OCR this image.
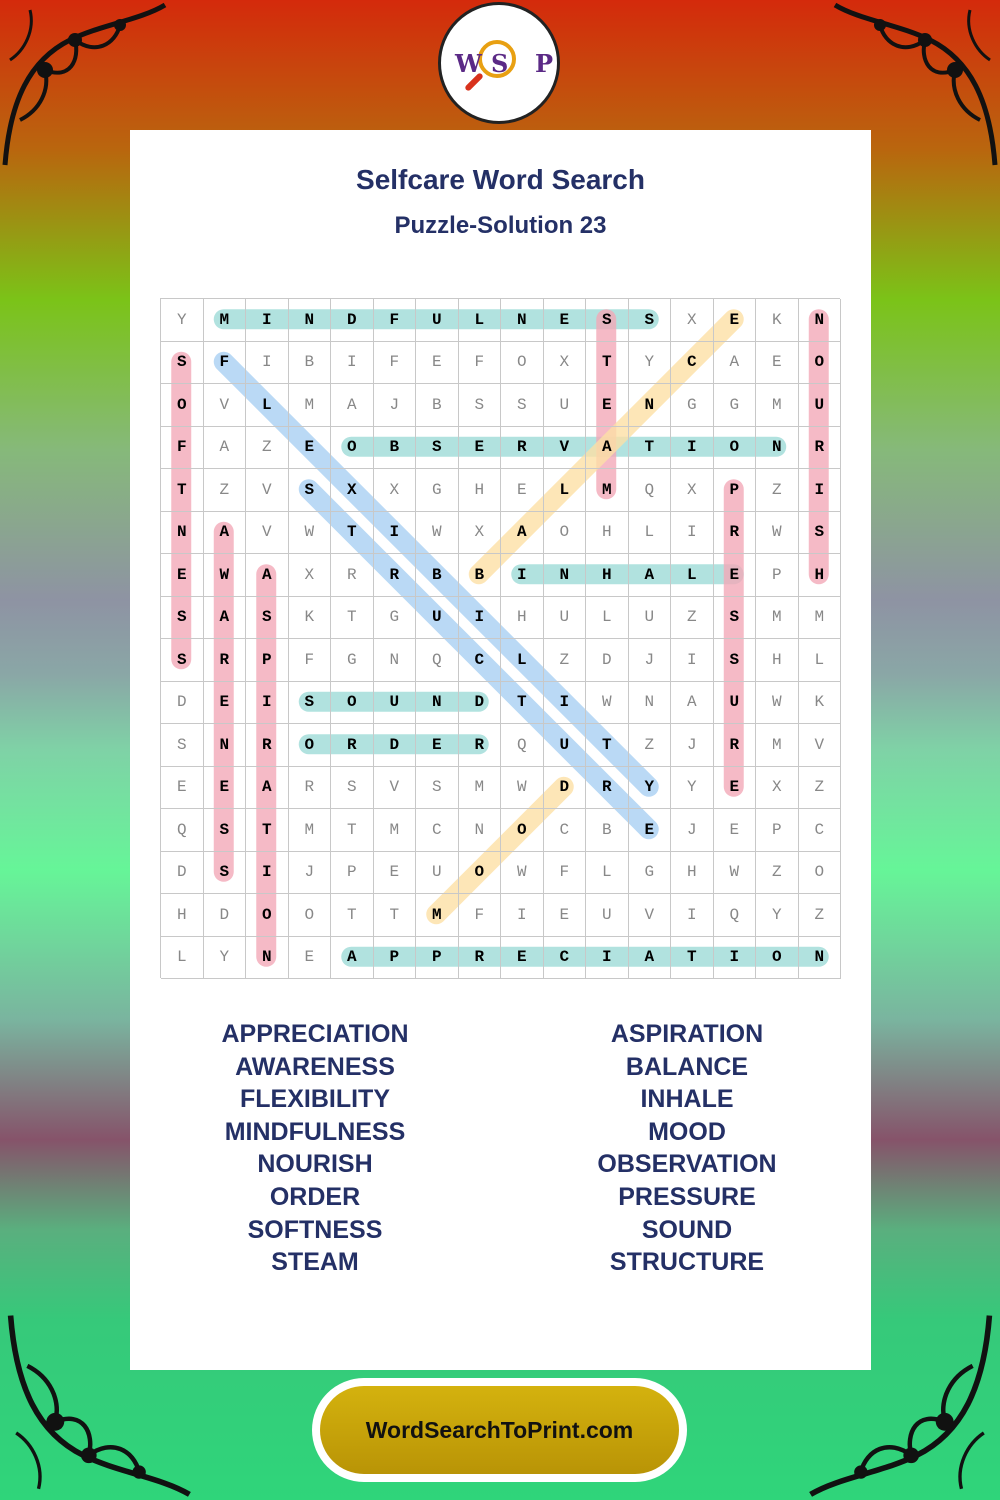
W S P
Selfcare Word Search
Puzzle-Solution 23
Y	M	I	N	D	F	U	L	N	E	S	S	X	E	K	N
S	F	I	B	I	F	E	F	O	X	T	Y	C	A	E	O
O	V	L	M	A	J	B	S	S	U	E	N	G	G	M	U
F	A	Z	E	O	B	S	E	R	V	A	T	I	O	N	R
T	Z	V	S	X	X	G	H	E	L	M	Q	X	P	Z	I
N	A	V	W	T	I	W	X	A	O	H	L	I	R	W	S
E	W	A	X	R	R	B	B	I	N	H	A	L	E	P	H
S	A	S	K	T	G	U	I	H	U	L	U	Z	S	M	M
S	R	P	F	G	N	Q	C	L	Z	D	J	I	S	H	L
D	E	I	S	O	U	N	D	T	I	W	N	A	U	W	K
S	N	R	O	R	D	E	R	Q	U	T	Z	J	R	M	V
E	E	A	R	S	V	S	M	W	D	R	Y	Y	E	X	Z
Q	S	T	M	T	M	C	N	O	C	B	E	J	E	P	C
D	S	I	J	P	E	U	O	W	F	L	G	H	W	Z	O
H	D	O	O	T	T	M	F	I	E	U	V	I	Q	Y	Z
L	Y	N	E	A	P	P	R	E	C	I	A	T	I	O	N
APPRECIATION
AWARENESS
FLEXIBILITY
MINDFULNESS
NOURISH
ORDER
SOFTNESS
STEAM
ASPIRATION
BALANCE
INHALE
MOOD
OBSERVATION
PRESSURE
SOUND
STRUCTURE
WordSearchToPrint.com
